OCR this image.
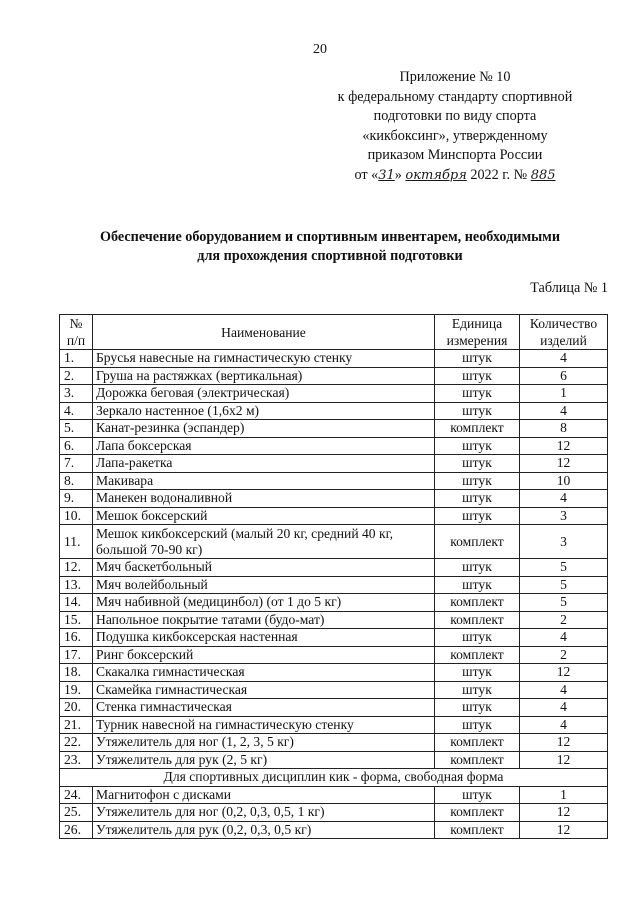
20
Приложение № 10
к федеральному стандарту спортивной
подготовки по виду спорта
«кикбоксинг», утвержденному
приказом Минспорта России
от «31» октября 2022 г. № 885
Обеспечение оборудованием и спортивным инвентарем, необходимыми
для прохождения спортивной подготовки
Таблица № 1
№ п/п	Наименование	Единица измерения	Количество изделий
1.	Брусья навесные на гимнастическую стенку	штук	4
2.	Груша на растяжках (вертикальная)	штук	6
3.	Дорожка беговая (электрическая)	штук	1
4.	Зеркало настенное (1,6х2 м)	штук	4
5.	Канат-резинка (эспандер)	комплект	8
6.	Лапа боксерская	штук	12
7.	Лапа-ракетка	штук	12
8.	Макивара	штук	10
9.	Манекен водоналивной	штук	4
10.	Мешок боксерский	штук	3
11.	Мешок кикбоксерский (малый 20 кг, средний 40 кг, большой 70-90 кг)	комплект	3
12.	Мяч баскетбольный	штук	5
13.	Мяч волейбольный	штук	5
14.	Мяч набивной (медицинбол) (от 1 до 5 кг)	комплект	5
15.	Напольное покрытие татами (будо-мат)	комплект	2
16.	Подушка кикбоксерская настенная	штук	4
17.	Ринг боксерский	комплект	2
18.	Скакалка гимнастическая	штук	12
19.	Скамейка гимнастическая	штук	4
20.	Стенка гимнастическая	штук	4
21.	Турник навесной на гимнастическую стенку	штук	4
22.	Утяжелитель для ног (1, 2, 3, 5 кг)	комплект	12
23.	Утяжелитель для рук (2, 5 кг)	комплект	12
Для спортивных дисциплин кик - форма, свободная форма			
24.	Магнитофон с дисками	штук	1
25.	Утяжелитель для ног (0,2, 0,3, 0,5, 1 кг)	комплект	12
26.	Утяжелитель для рук (0,2, 0,3, 0,5 кг)	комплект	12
